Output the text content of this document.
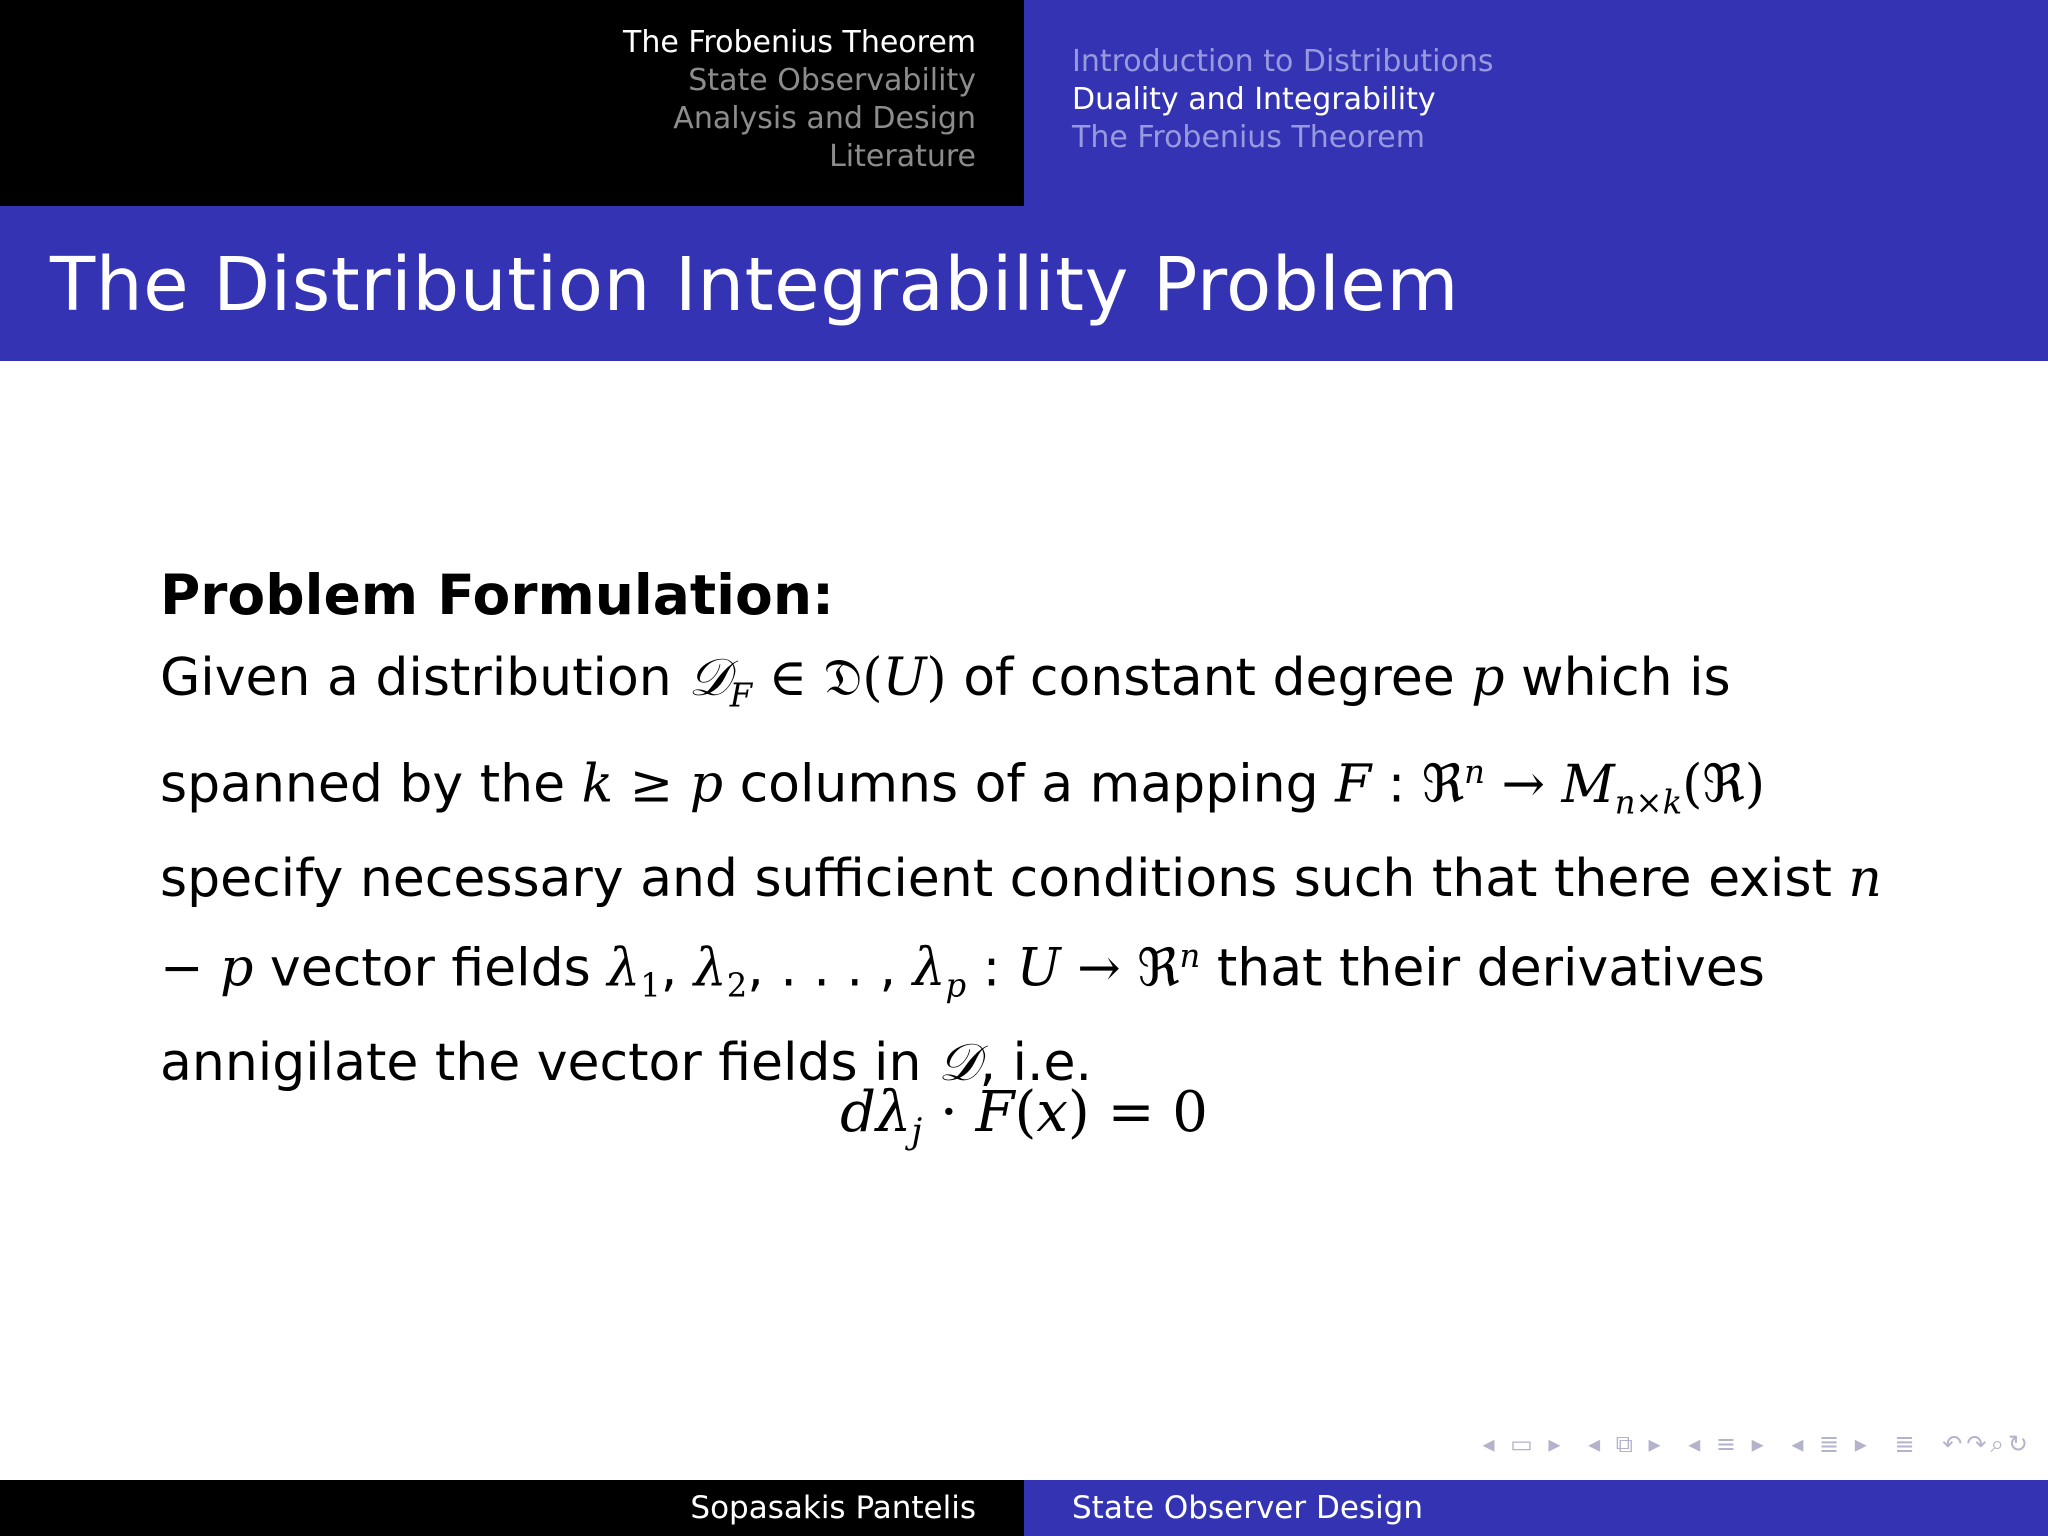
The Frobenius Theorem
State Observability
Analysis and Design
Literature
Introduction to Distributions
Duality and Integrability
The Frobenius Theorem
The Distribution Integrability Problem
Problem Formulation:

Given a distribution 𝒟$_F$ ∈ 𝔇(U) of constant degree p which is spanned by the k ≥ p columns of a mapping F : ℜ$^n$ → $M_{n\times k}(ℜ)$ specify necessary and sufficient conditions such that there exist n − p vector fields $\lambda_1$, $\lambda_2$, . . . , $\lambda_p$ : U → ℜ$^n$ that their derivatives annigilate the vector fields in 𝒟, i.e.

$d\lambda_j \cdot F(x) = 0$
◂ ▭ ▸ ◂ ⧉ ▸ ◂ ≡ ▸ ◂ ≣ ▸ ≣ ↶↷⌕↻
Sopasakis Pantelis	State Observer Design
